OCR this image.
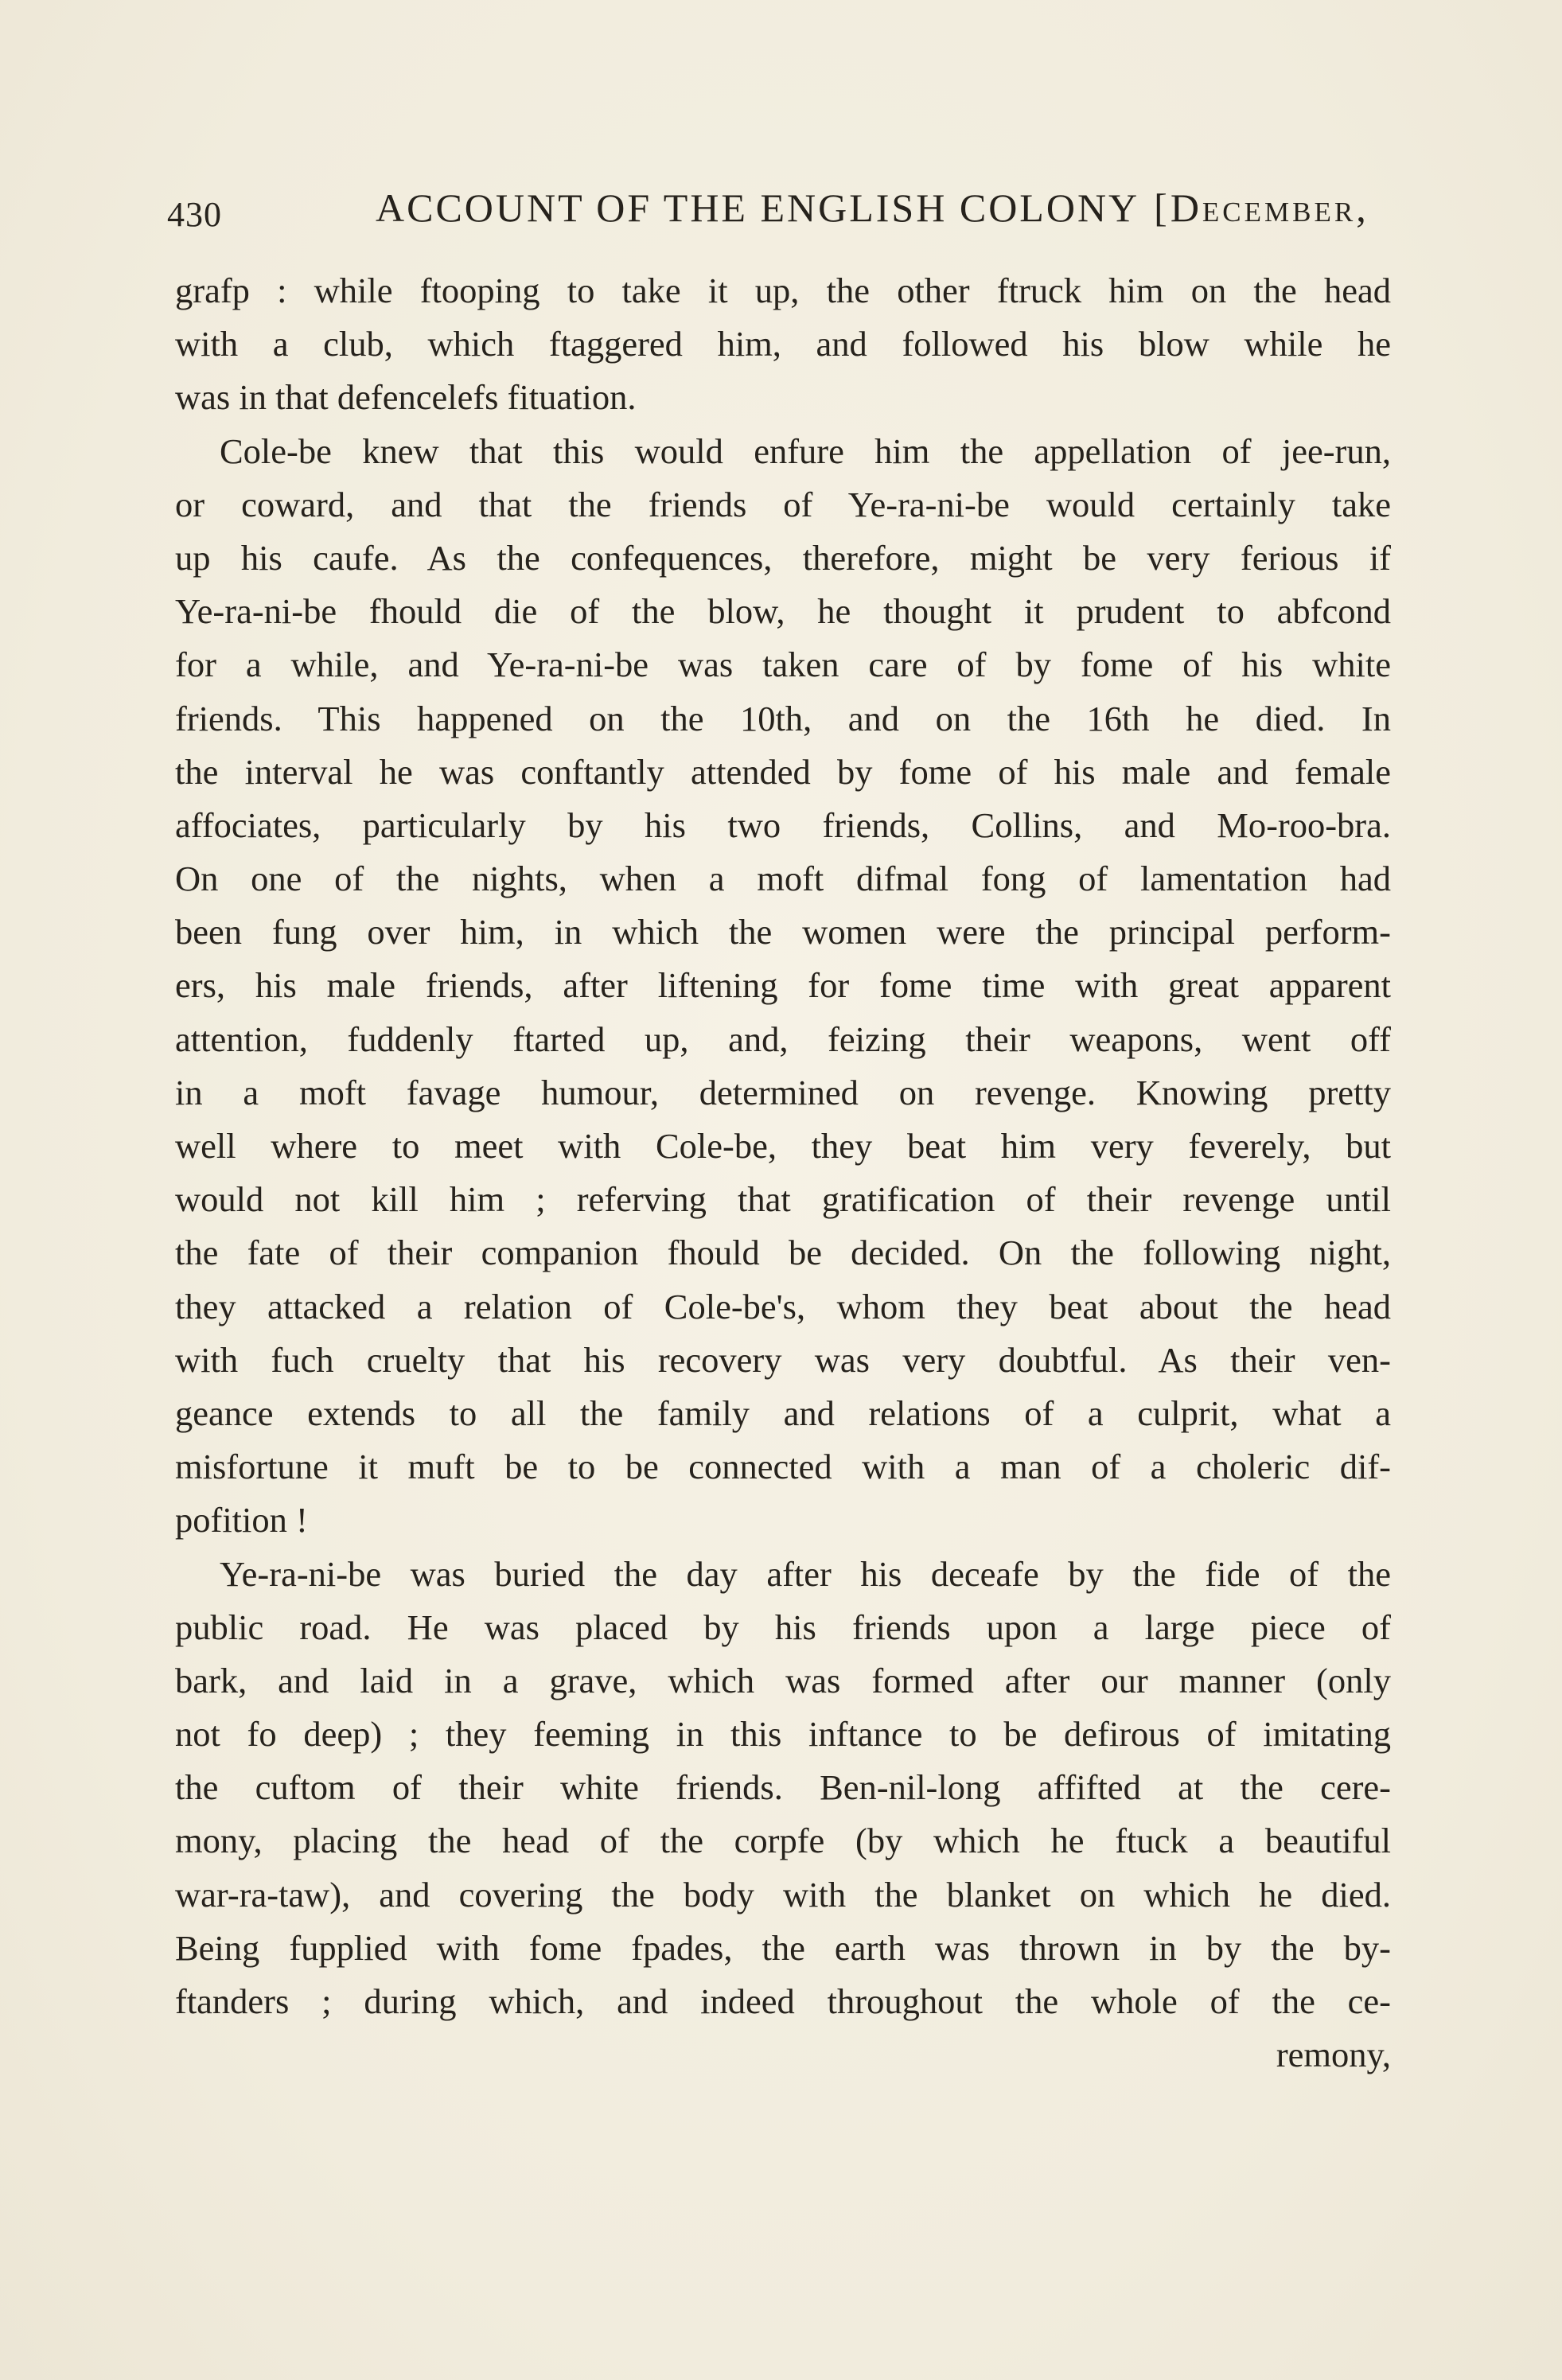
430	ACCOUNT OF THE ENGLISH COLONY [December,
grafp : while ftooping to take it up, the other ftruck him on the head
with a club, which ftaggered him, and followed his blow while he
was in that defencelefs fituation.
Cole-be knew that this would enfure him the appellation of jee-run,
or coward, and that the friends of Ye-ra-ni-be would certainly take
up his caufe. As the confequences, therefore, might be very ferious if
Ye-ra-ni-be fhould die of the blow, he thought it prudent to abfcond
for a while, and Ye-ra-ni-be was taken care of by fome of his white
friends. This happened on the 10th, and on the 16th he died. In
the interval he was conftantly attended by fome of his male and female
affociates, particularly by his two friends, Collins, and Mo-roo-bra.
On one of the nights, when a moft difmal fong of lamentation had
been fung over him, in which the women were the principal perform-
ers, his male friends, after liftening for fome time with great apparent
attention, fuddenly ftarted up, and, feizing their weapons, went off
in a moft favage humour, determined on revenge. Knowing pretty
well where to meet with Cole-be, they beat him very feverely, but
would not kill him ; referving that gratification of their revenge until
the fate of their companion fhould be decided. On the following night,
they attacked a relation of Cole-be's, whom they beat about the head
with fuch cruelty that his recovery was very doubtful. As their ven-
geance extends to all the family and relations of a culprit, what a
misfortune it muft be to be connected with a man of a choleric dif-
pofition !
Ye-ra-ni-be was buried the day after his deceafe by the fide of the
public road. He was placed by his friends upon a large piece of
bark, and laid in a grave, which was formed after our manner (only
not fo deep) ; they feeming in this inftance to be defirous of imitating
the cuftom of their white friends. Ben-nil-long affifted at the cere-
mony, placing the head of the corpfe (by which he ftuck a beautiful
war-ra-taw), and covering the body with the blanket on which he died.
Being fupplied with fome fpades, the earth was thrown in by the by-
ftanders ; during which, and indeed throughout the whole of the ce-
remony,
